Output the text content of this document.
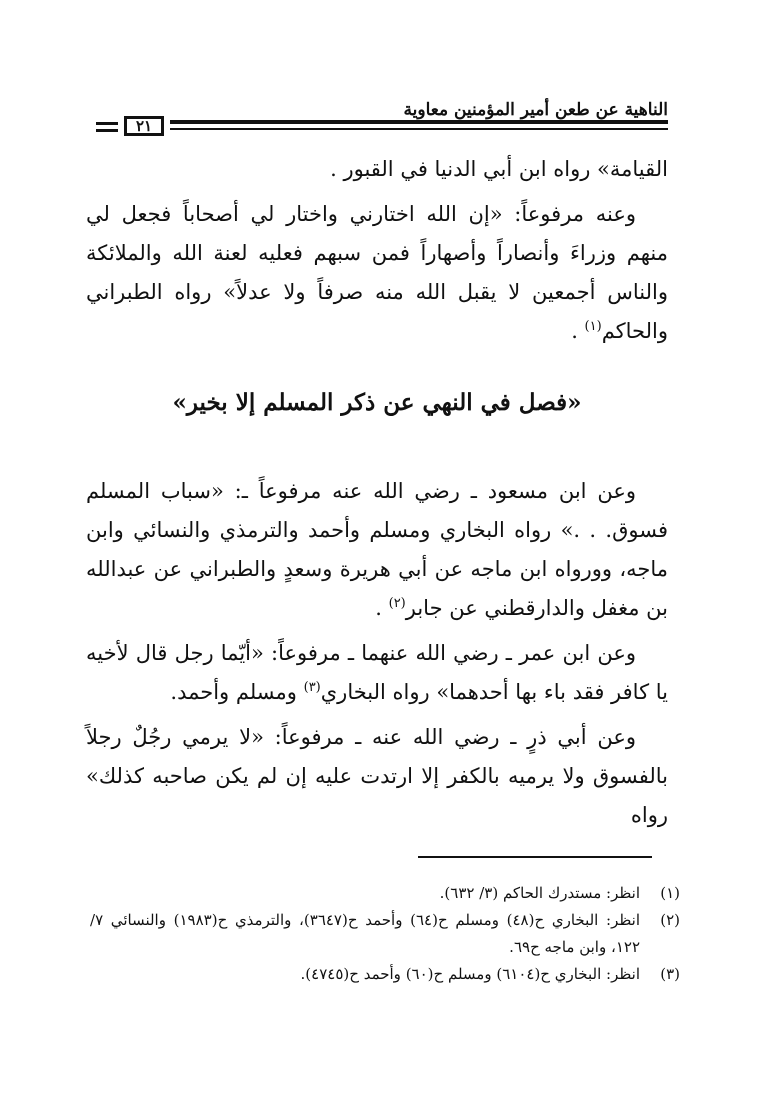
الناهية عن طعن أمير المؤمنين معاوية
٢١

القيامة» رواه ابن أبي الدنيا في القبور .

وعنه مرفوعاً: «إن الله اختارني واختار لي أصحاباً فجعل لي منهم وزراءَ وأنصاراً وأصهاراً فمن سبهم فعليه لعنة الله والملائكة والناس أجمعين لا يقبل الله منه صرفاً ولا عدلاً» رواه الطبراني والحاكم$^{(١)}$ .

«فصل في النهي عن ذكر المسلم إلا بخير»

وعن ابن مسعود ـ رضي الله عنه مرفوعاً ـ: «سباب المسلم فسوق. . .» رواه البخاري ومسلم وأحمد والترمذي والنسائي وابن ماجه، وورواه ابن ماجه عن أبي هريرة وسعدٍ والطبراني عن عبدالله بن مغفل والدارقطني عن جابر$^{(٢)}$ .

وعن ابن عمر ـ رضي الله عنهما ـ مرفوعاً: «أيّما رجل قال لأخيه يا كافر فقد باء بها أحدهما» رواه البخاري$^{(٣)}$ ومسلم وأحمد.

وعن أبي ذرٍ ـ رضي الله عنه ـ مرفوعاً: «لا يرمي رجُلٌ رجلاً بالفسوق ولا يرميه بالكفر إلا ارتدت عليه إن لم يكن صاحبه كذلك» رواه

(١)
انظر: مستدرك الحاكم (٣/ ٦٣٢).
(٢)
انظر: البخاري ح(٤٨) ومسلم ح(٦٤) وأحمد ح(٣٦٤٧)، والترمذي ح(١٩٨٣) والنسائي ٧/ ١٢٢، وابن ماجه ح٦٩.
(٣)
انظر: البخاري ح(٦١٠٤) ومسلم ح(٦٠) وأحمد ح(٤٧٤٥).
